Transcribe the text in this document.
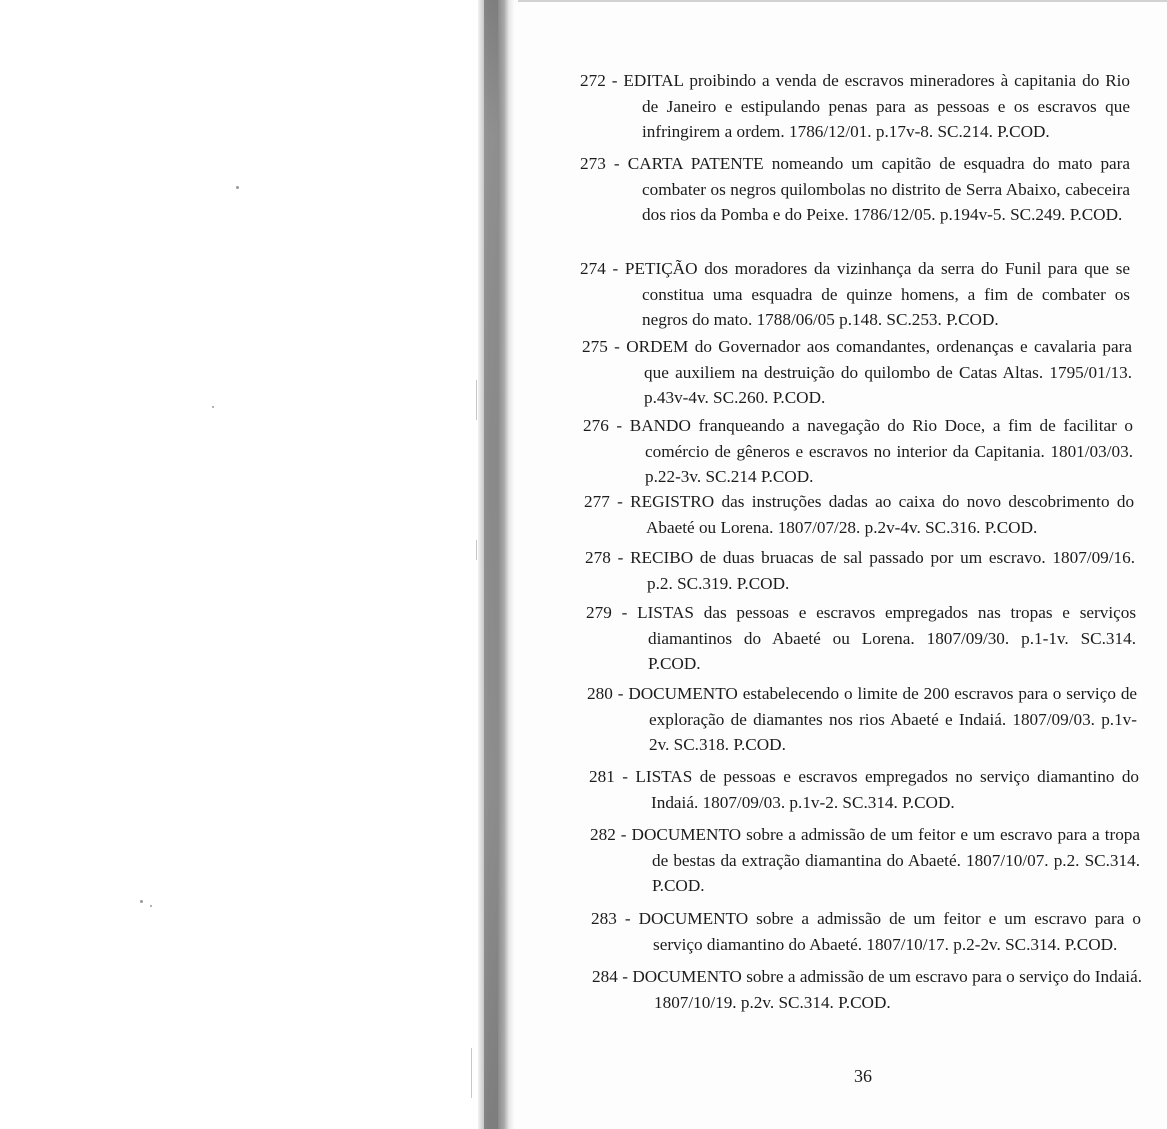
272 - EDITAL proibindo a venda de escravos mineradores à capitania do Rio de Janeiro e estipulando penas para as pessoas e os escravos que infringirem a ordem. 1786/12/01. p.17v-8. SC.214. P.COD.

273 - CARTA PATENTE nomeando um capitão de esquadra do mato para combater os negros quilombolas no distrito de Serra Abaixo, cabeceira dos rios da Pomba e do Peixe. 1786/12/05. p.194v-5. SC.249. P.COD.

274 - PETIÇÃO dos moradores da vizinhança da serra do Funil para que se constitua uma esquadra de quinze homens, a fim de combater os negros do mato. 1788/06/05 p.148. SC.253. P.COD.

275 - ORDEM do Governador aos comandantes, ordenanças e cavalaria para que auxiliem na destruição do quilombo de Catas Altas. 1795/01/13. p.43v-4v. SC.260. P.COD.

276 - BANDO franqueando a navegação do Rio Doce, a fim de facilitar o comércio de gêneros e escravos no interior da Capitania. 1801/03/03. p.22-3v. SC.214 P.COD.

277 - REGISTRO das instruções dadas ao caixa do novo descobrimento do Abaeté ou Lorena. 1807/07/28. p.2v-4v. SC.316. P.COD.

278 - RECIBO de duas bruacas de sal passado por um escravo. 1807/09/16. p.2. SC.319. P.COD.

279 - LISTAS das pessoas e escravos empregados nas tropas e serviços diamantinos do Abaeté ou Lorena. 1807/09/30. p.1-1v. SC.314. P.COD.

280 - DOCUMENTO estabelecendo o limite de 200 escravos para o serviço de exploração de diamantes nos rios Abaeté e Indaiá. 1807/09/03. p.1v-2v. SC.318. P.COD.

281 - LISTAS de pessoas e escravos empregados no serviço diamantino do Indaiá. 1807/09/03. p.1v-2. SC.314. P.COD.

282 - DOCUMENTO sobre a admissão de um feitor e um escravo para a tropa de bestas da extração diamantina do Abaeté. 1807/10/07. p.2. SC.314. P.COD.

283 - DOCUMENTO sobre a admissão de um feitor e um escravo para o serviço diamantino do Abaeté. 1807/10/17. p.2-2v. SC.314. P.COD.

284 - DOCUMENTO sobre a admissão de um escravo para o serviço do Indaiá. 1807/10/19. p.2v. SC.314. P.COD.

36
